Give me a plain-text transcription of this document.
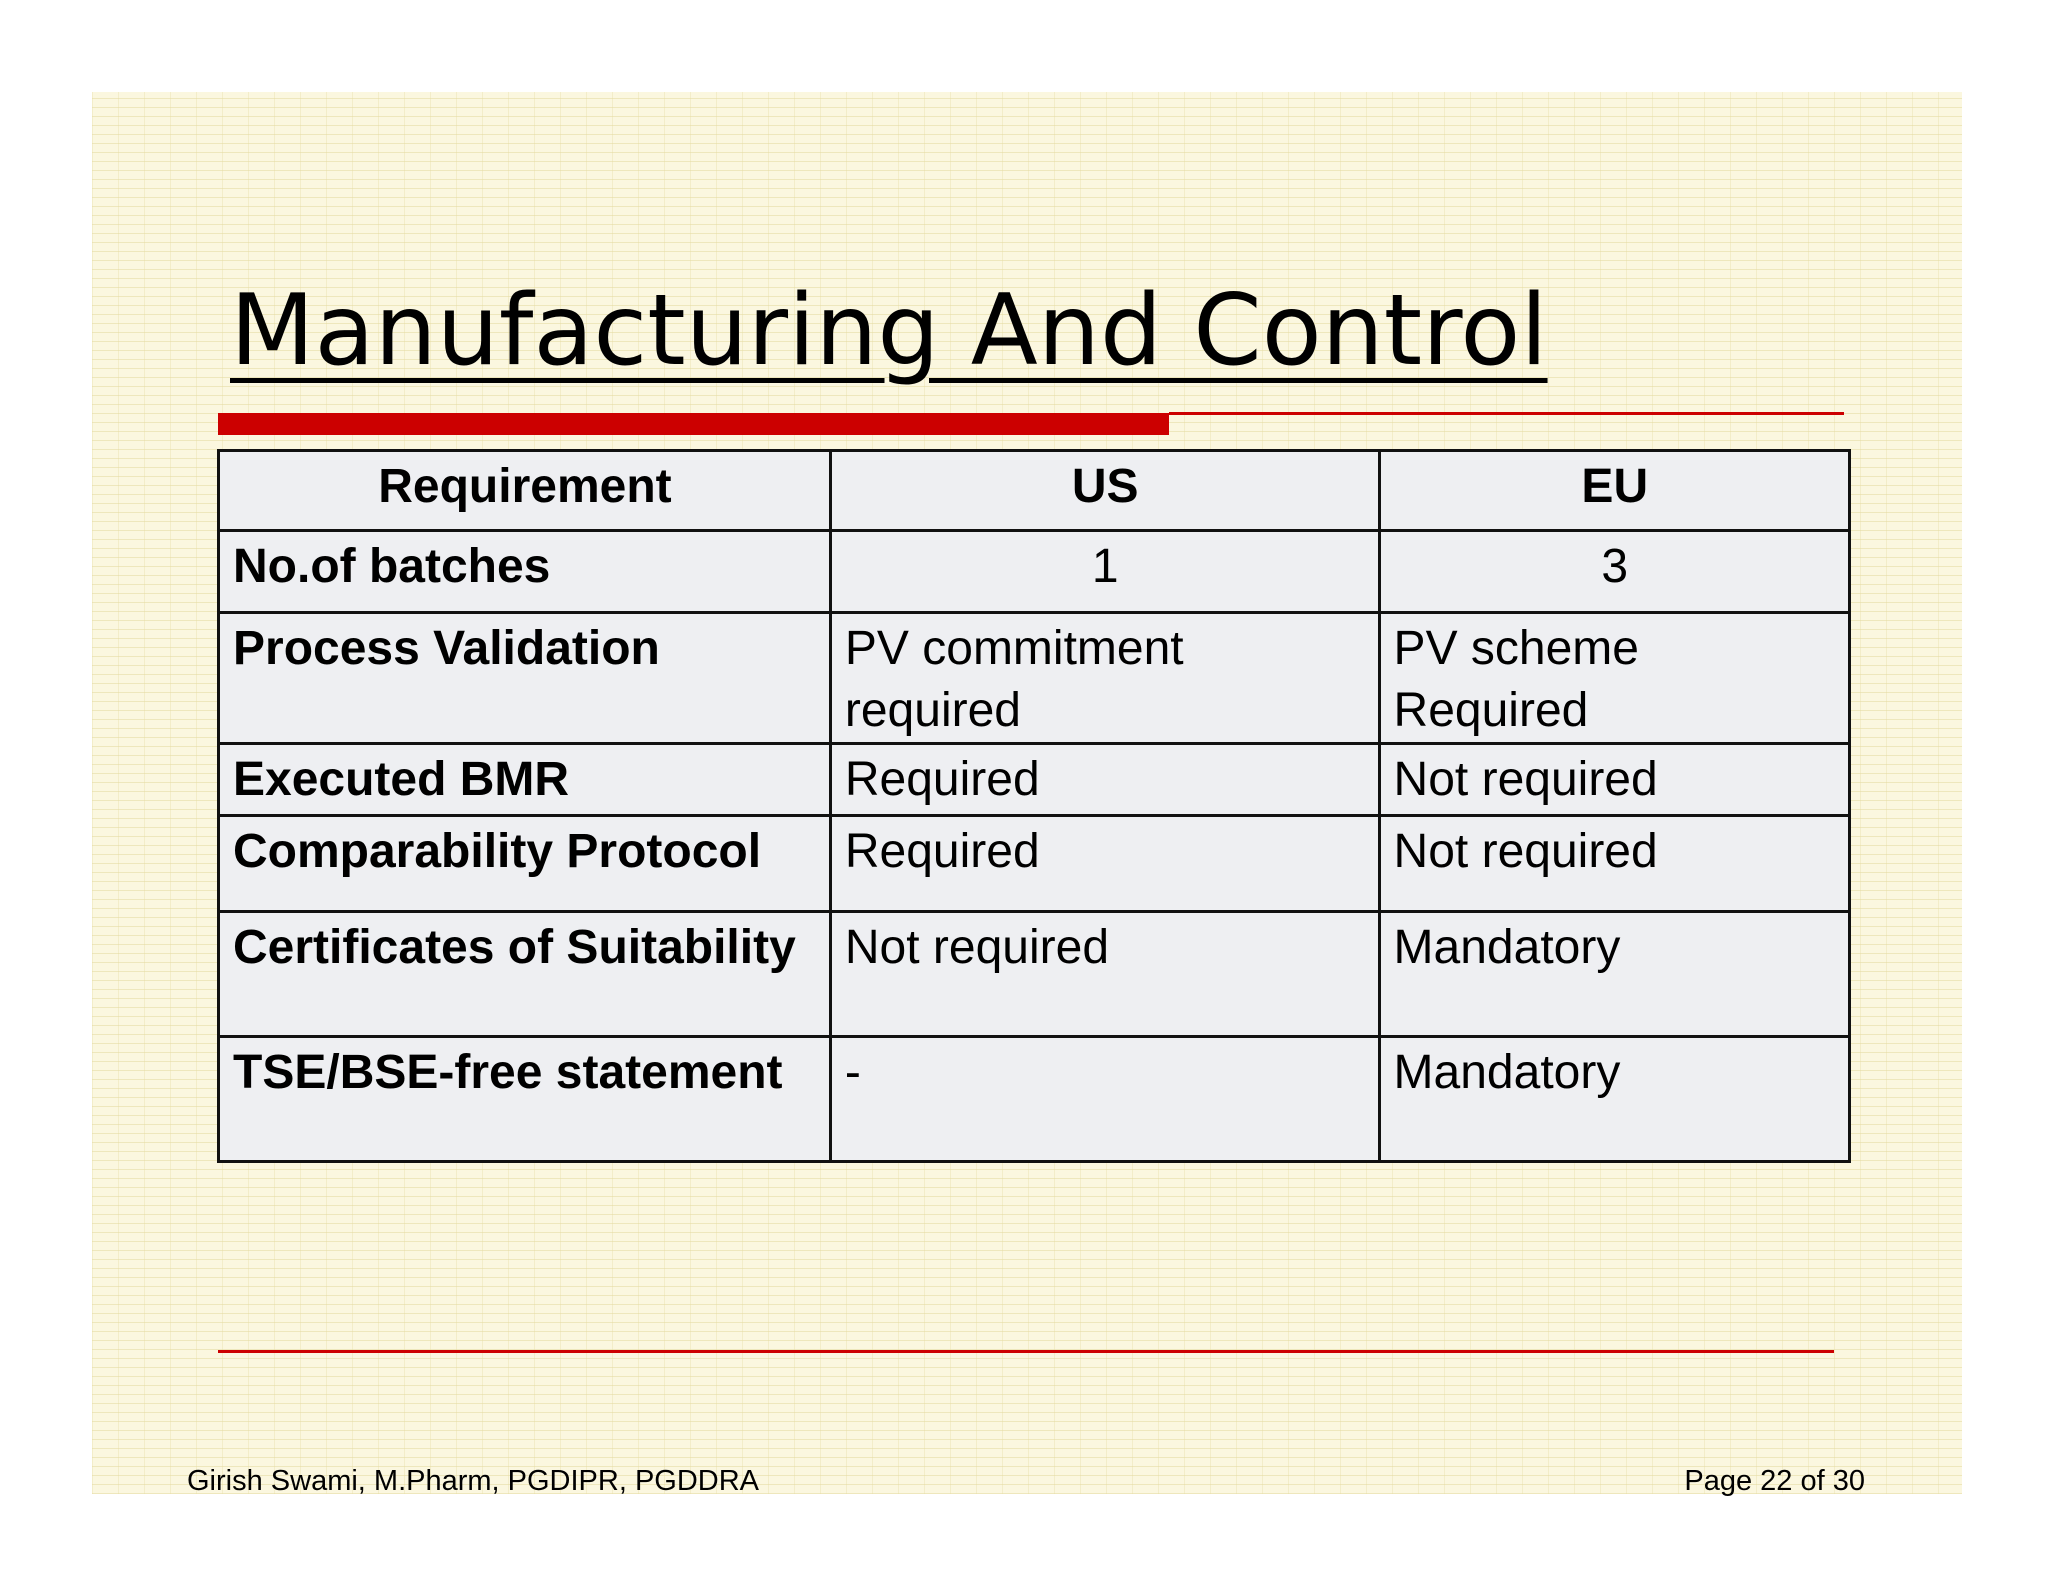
Manufacturing And Control
Requirement	US	EU
No.of batches	1	3
Process Validation	PV commitment required	PV scheme Required
Executed BMR	Required	Not required
Comparability Protocol	Required	Not required
Certificates of Suitability	Not required	Mandatory
TSE/BSE-free statement	-	Mandatory
Girish Swami, M.Pharm, PGDIPR, PGDDRA	Page 22 of 30
